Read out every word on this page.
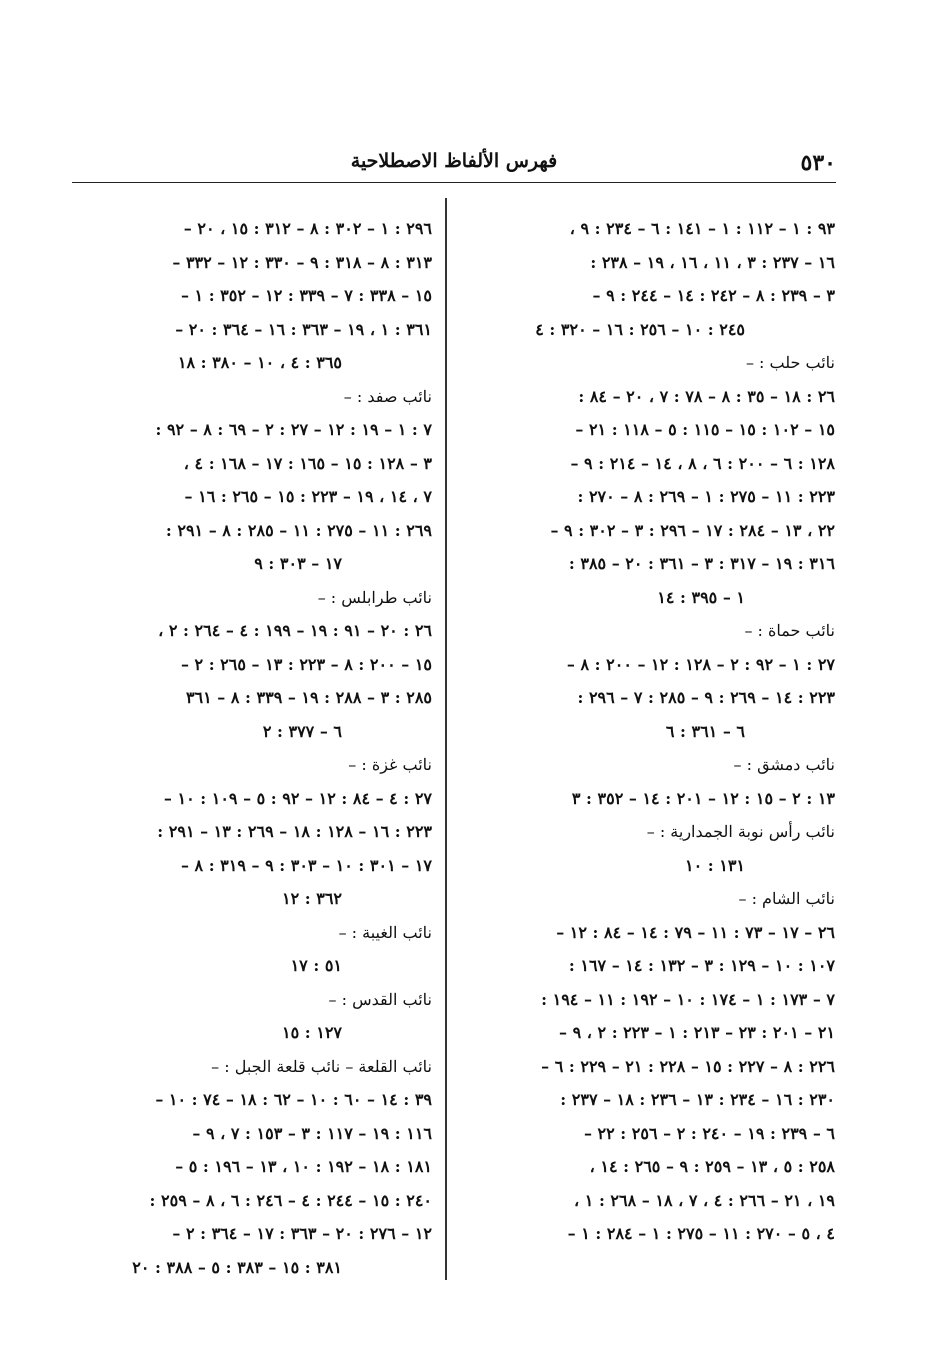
٥٣٠
فهرس الألفاظ الاصطلاحية
٩٣ : ١ – ١١٢ : ١ – ١٤١ : ٦ – ٢٣٤ : ٩ ،
١٦ – ٢٣٧ : ٣ ، ١١ ، ١٦ ، ١٩ – ٢٣٨ :
٣ – ٢٣٩ : ٨ – ٢٤٢ : ١٤ – ٢٤٤ : ٩ –
٢٤٥ : ١٠ – ٢٥٦ : ١٦ – ٣٢٠ : ٤
نائب حلب : –
٢٦ : ١٨ – ٣٥ : ٨ – ٧٨ : ٧ ، ٢٠ – ٨٤ :
١٥ – ١٠٢ : ١٥ – ١١٥ : ٥ – ١١٨ : ٢١ –
١٢٨ : ٦ – ٢٠٠ : ٦ ، ٨ ، ١٤ – ٢١٤ : ٩ –
٢٢٣ : ١١ – ٢٧٥ : ١ – ٢٦٩ : ٨ – ٢٧٠ :
٢٢ ، ١٣ – ٢٨٤ : ١٧ – ٢٩٦ : ٣ – ٣٠٢ : ٩ –
٣١٦ : ١٩ – ٣١٧ : ٣ – ٣٦١ : ٢٠ – ٣٨٥ :
١ – ٣٩٥ : ١٤
نائب حماة : –
٢٧ : ١ – ٩٢ : ٢ – ١٢٨ : ١٢ – ٢٠٠ : ٨ –
٢٢٣ : ١٤ – ٢٦٩ : ٩ – ٢٨٥ : ٧ – ٢٩٦ :
٦ – ٣٦١ : ٦
نائب دمشق : –
١٣ : ٢ – ١٥ : ١٢ – ٢٠١ : ١٤ – ٣٥٢ : ٣
نائب رأس نوبة الجمدارية : –
١٣١ : ١٠
نائب الشام : –
٢٦ – ١٧ – ٧٣ : ١١ – ٧٩ : ١٤ – ٨٤ : ١٢ –
١٠٧ : ١٠ – ١٢٩ : ٣ – ١٣٢ : ١٤ – ١٦٧ :
٧ – ١٧٣ : ١ – ١٧٤ : ١٠ – ١٩٢ : ١١ – ١٩٤ :
٢١ – ٢٠١ : ٢٣ – ٢١٣ : ١ – ٢٢٣ : ٢ ، ٩ –
٢٢٦ : ٨ – ٢٢٧ : ١٥ – ٢٢٨ : ٢١ – ٢٢٩ : ٦ –
٢٣٠ : ١٦ – ٢٣٤ : ١٣ – ٢٣٦ : ١٨ – ٢٣٧ :
٦ – ٢٣٩ : ١٩ – ٢٤٠ : ٢ – ٢٥٦ : ٢٢ –
٢٥٨ : ٥ ، ١٣ – ٢٥٩ : ٩ – ٢٦٥ : ١٤ ،
١٩ ، ٢١ – ٢٦٦ : ٤ ، ٧ ، ١٨ – ٢٦٨ : ١ ،
٤ ، ٥ – ٢٧٠ : ١١ – ٢٧٥ : ١ – ٢٨٤ : ١ –
٢٩٦ : ١ – ٣٠٢ : ٨ – ٣١٢ : ١٥ ، ٢٠ –
٣١٣ : ٨ – ٣١٨ : ٩ – ٣٣٠ : ١٢ – ٣٣٢ –
١٥ – ٣٣٨ : ٧ – ٣٣٩ : ١٢ – ٣٥٢ : ١ –
٣٦١ : ١ ، ١٩ – ٣٦٣ : ١٦ – ٣٦٤ : ٢٠ –
٣٦٥ : ٤ ، ١٠ – ٣٨٠ : ١٨
نائب صفد : –
٧ : ١ – ١٩ : ١٢ – ٢٧ : ٢ – ٦٩ : ٨ – ٩٢ :
٣ – ١٢٨ : ١٥ – ١٦٥ : ١٧ – ١٦٨ : ٤ ،
٧ ، ١٤ ، ١٩ – ٢٢٣ : ١٥ – ٢٦٥ : ١٦ –
٢٦٩ : ١١ – ٢٧٥ : ١١ – ٢٨٥ : ٨ – ٢٩١ :
١٧ – ٣٠٣ : ٩
نائب طرابلس : –
٢٦ : ٢٠ – ٩١ : ١٩ – ١٩٩ : ٤ – ٢٦٤ : ٢ ،
١٥ – ٢٠٠ : ٨ – ٢٢٣ : ١٣ – ٢٦٥ : ٢ –
٢٨٥ : ٣ – ٢٨٨ : ١٩ – ٣٣٩ : ٨ – ٣٦١
٦ – ٣٧٧ : ٢
نائب غزة : –
٢٧ : ٤ – ٨٤ : ١٢ – ٩٢ : ٥ – ١٠٩ : ١٠ –
٢٢٣ : ١٦ – ١٢٨ : ١٨ – ٢٦٩ : ١٣ – ٢٩١ :
١٧ – ٣٠١ : ١٠ – ٣٠٣ : ٩ – ٣١٩ : ٨ –
٣٦٢ : ١٢
نائب الغيبة : –
٥١ : ١٧
نائب القدس : –
١٢٧ : ١٥
نائب القلعة – نائب قلعة الجبل : –
٣٩ : ١٤ – ٦٠ : ١٠ – ٦٢ : ١٨ – ٧٤ : ١٠ –
١١٦ : ١٩ – ١١٧ : ٣ – ١٥٣ : ٧ ، ٩ –
١٨١ : ١٨ – ١٩٢ : ١٠ ، ١٣ – ١٩٦ : ٥ –
٢٤٠ : ١٥ – ٢٤٤ : ٤ – ٢٤٦ : ٦ ، ٨ – ٢٥٩ :
١٢ – ٢٧٦ : ٢٠ – ٣٦٣ : ١٧ – ٣٦٤ : ٢ –
٣٨١ : ١٥ – ٣٨٣ : ٥ – ٣٨٨ : ٢٠
